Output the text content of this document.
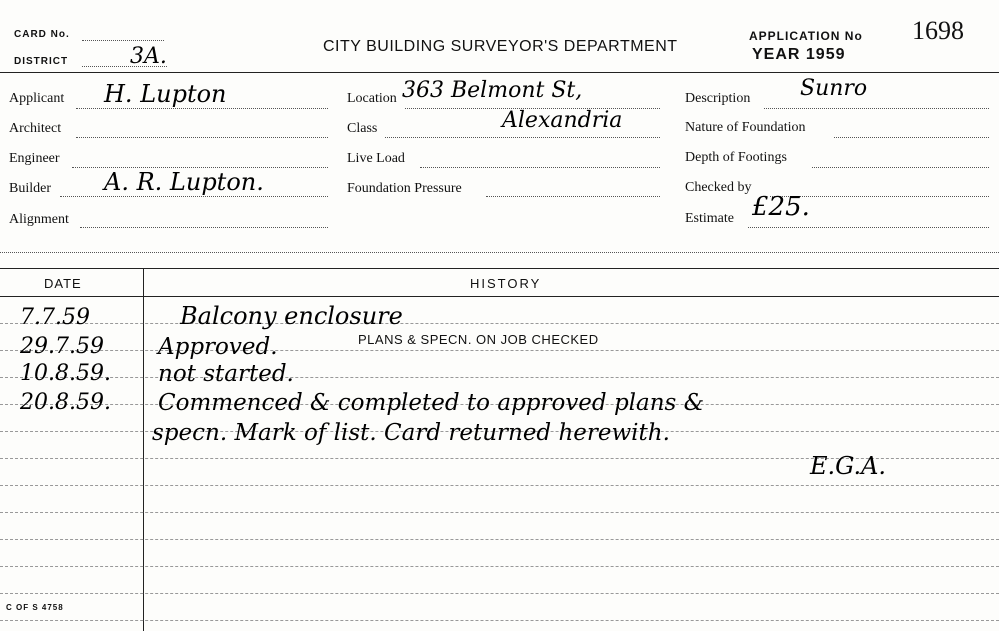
CARD No.
DISTRICT	3A.	CITY BUILDING SURVEYOR'S DEPARTMENT
APPLICATION No 1698
YEAR 1959
Applicant H. Lupton
Architect
Engineer
Builder A. R. Lupton.
Alignment
Location 363 Belmont St,
Class	Alexandria
Live Load
Foundation Pressure
Description Sunro
Nature of Foundation
Depth of Footings
Checked by
Estimate £25.
DATE	HISTORY
7.7.59	Balcony enclosure
29.7.59 Approved.	PLANS & SPECN. ON JOB CHECKED
10.8.59. not started.
20.8.59. Commenced & completed to approved plans &
specn. Mark of list. Card returned herewith.
E.G.A.
C OF S 4758
